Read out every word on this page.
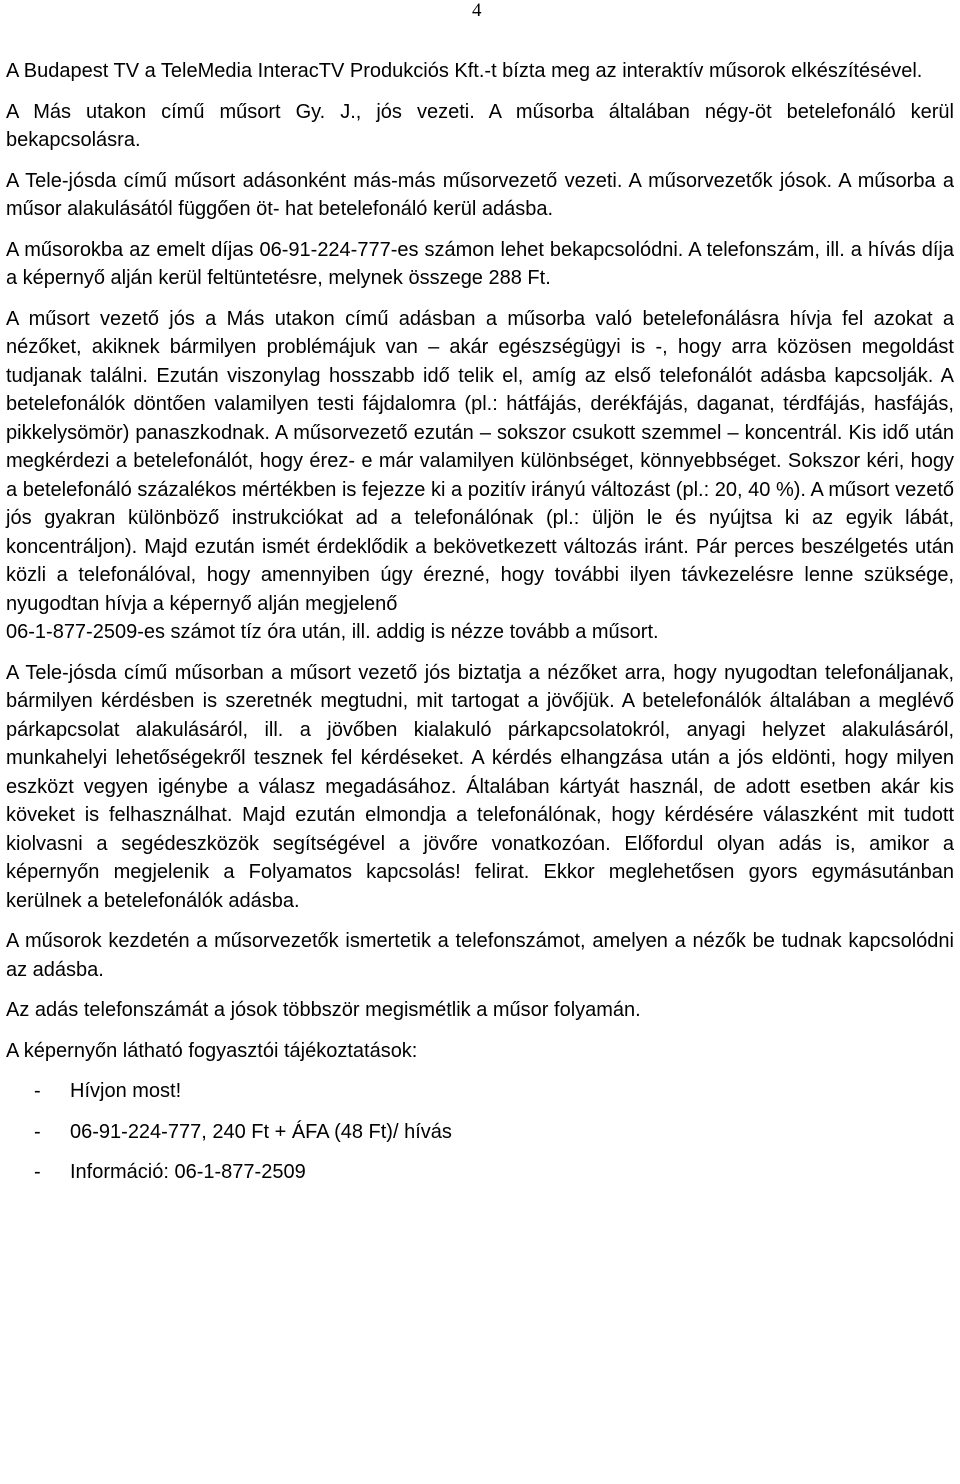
4

A Budapest TV a TeleMedia InteracTV Produkciós Kft.-t bízta meg az interaktív műsorok elkészítésével.

A Más utakon című műsort Gy. J., jós vezeti. A műsorba általában négy-öt betelefonáló kerül bekapcsolásra.

A Tele-jósda című műsort adásonként más-más műsorvezető vezeti. A műsorvezetők jósok. A műsorba a műsor alakulásától függően öt- hat betelefonáló kerül adásba.

A műsorokba az emelt díjas 06-91-224-777-es számon lehet bekapcsolódni. A telefonszám, ill. a hívás díja a képernyő alján kerül feltüntetésre, melynek összege 288 Ft.

A műsort vezető jós a Más utakon című adásban a műsorba való betelefonálásra hívja fel azokat a nézőket, akiknek bármilyen problémájuk van – akár egészségügyi is -, hogy arra közösen megoldást tudjanak találni. Ezután viszonylag hosszabb idő telik el, amíg az első telefonálót adásba kapcsolják. A betelefonálók döntően valamilyen testi fájdalomra (pl.: hátfájás, derékfájás, daganat, térdfájás, hasfájás, pikkelysömör) panaszkodnak. A műsorvezető ezután – sokszor csukott szemmel – koncentrál. Kis idő után megkérdezi a betelefonálót, hogy érez- e már valamilyen különbséget, könnyebbséget. Sokszor kéri, hogy a betelefonáló százalékos mértékben is fejezze ki a pozitív irányú változást (pl.: 20, 40 %). A műsort vezető jós gyakran különböző instrukciókat ad a telefonálónak (pl.: üljön le és nyújtsa ki az egyik lábát, koncentráljon). Majd ezután ismét érdeklődik a bekövetkezett változás iránt. Pár perces beszélgetés után közli a telefonálóval, hogy amennyiben úgy érezné, hogy további ilyen távkezelésre lenne szüksége, nyugodtan hívja a képernyő alján megjelenő

06-1-877-2509-es számot tíz óra után, ill. addig is nézze tovább a műsort.

A Tele-jósda című műsorban a műsort vezető jós biztatja a nézőket arra, hogy nyugodtan telefonáljanak, bármilyen kérdésben is szeretnék megtudni, mit tartogat a jövőjük. A betelefonálók általában a meglévő párkapcsolat alakulásáról, ill. a jövőben kialakuló párkapcsolatokról, anyagi helyzet alakulásáról, munkahelyi lehetőségekről tesznek fel kérdéseket. A kérdés elhangzása után a jós eldönti, hogy milyen eszközt vegyen igénybe a válasz megadásához. Általában kártyát használ, de adott esetben akár kis köveket is felhasználhat. Majd ezután elmondja a telefonálónak, hogy kérdésére válaszként mit tudott kiolvasni a segédeszközök segítségével a jövőre vonatkozóan. Előfordul olyan adás is, amikor a képernyőn megjelenik a Folyamatos kapcsolás! felirat. Ekkor meglehetősen gyors egymásutánban kerülnek a betelefonálók adásba.

A műsorok kezdetén a műsorvezetők ismertetik a telefonszámot, amelyen a nézők be tudnak kapcsolódni az adásba.

Az adás telefonszámát a jósok többször megismétlik a műsor folyamán.

A képernyőn látható fogyasztói tájékoztatások:

-	Hívjon most!
-	06-91-224-777, 240 Ft + ÁFA (48 Ft)/ hívás
-	Információ: 06-1-877-2509
